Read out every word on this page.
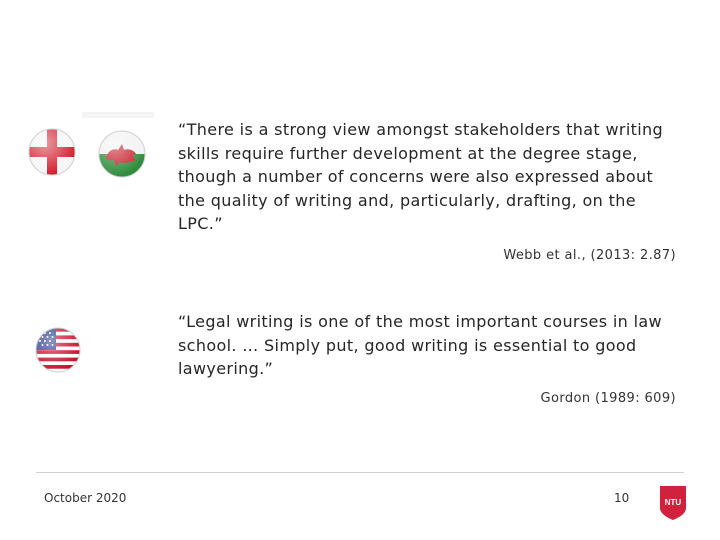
“There is a strong view amongst stakeholders that writing skills require further development at the degree stage, though a number of concerns were also expressed about the quality of writing and, particularly, drafting, on the LPC.”

Webb et al., (2013: 2.87)

“Legal writing is one of the most important courses in law school. … Simply put, good writing is essential to good lawyering.”

Gordon (1989: 609)
October 2020	10	NTU
